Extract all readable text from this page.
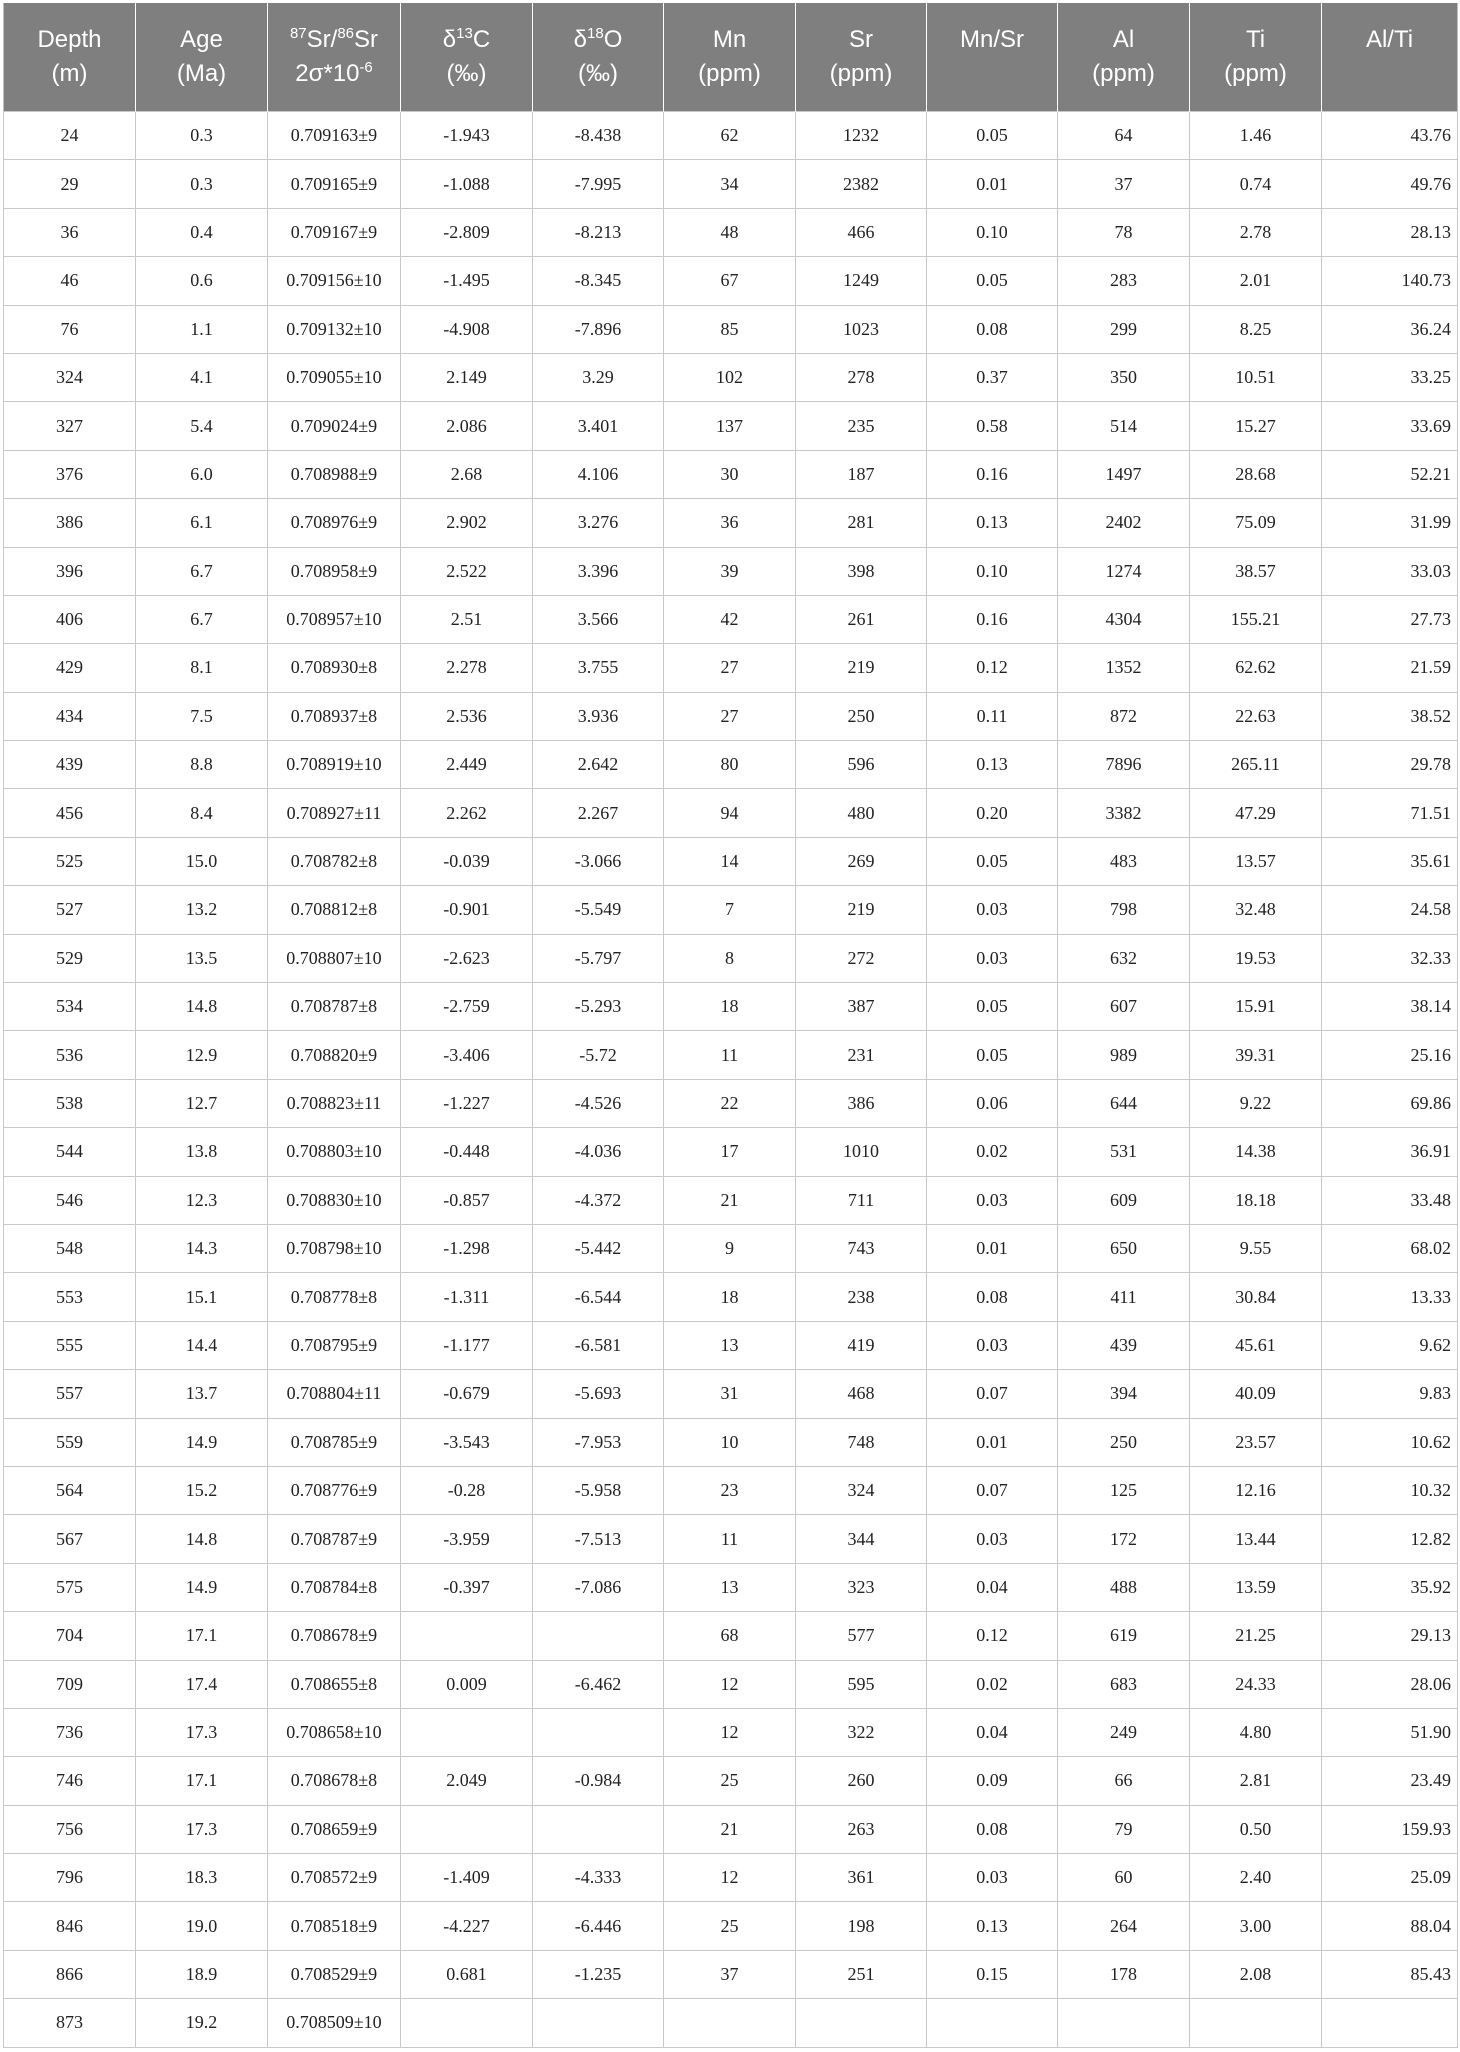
Depth	Age	$^{87}$Sr/$^{86}$Sr	$\delta^{13}C$	$\delta^{18}O$	Mn	Sr	Mn/Sr	Al	Ti	Al/Ti
(m)	(Ma)	$2\sigma*10^{-6}$	(‰)	(‰)	(ppm)	(ppm)		(ppm)	(ppm)	
24	0.3	0.709163±9	-1.943	-8.438	62	1232	0.05	64	1.46	43.76
29	0.3	0.709165±9	-1.088	-7.995	34	2382	0.01	37	0.74	49.76
36	0.4	0.709167±9	-2.809	-8.213	48	466	0.10	78	2.78	28.13
46	0.6	0.709156±10	-1.495	-8.345	67	1249	0.05	283	2.01	140.73
76	1.1	0.709132±10	-4.908	-7.896	85	1023	0.08	299	8.25	36.24
324	4.1	0.709055±10	2.149	3.29	102	278	0.37	350	10.51	33.25
327	5.4	0.709024±9	2.086	3.401	137	235	0.58	514	15.27	33.69
376	6.0	0.708988±9	2.68	4.106	30	187	0.16	1497	28.68	52.21
386	6.1	0.708976±9	2.902	3.276	36	281	0.13	2402	75.09	31.99
396	6.7	0.708958±9	2.522	3.396	39	398	0.10	1274	38.57	33.03
406	6.7	0.708957±10	2.51	3.566	42	261	0.16	4304	155.21	27.73
429	8.1	0.708930±8	2.278	3.755	27	219	0.12	1352	62.62	21.59
434	7.5	0.708937±8	2.536	3.936	27	250	0.11	872	22.63	38.52
439	8.8	0.708919±10	2.449	2.642	80	596	0.13	7896	265.11	29.78
456	8.4	0.708927±11	2.262	2.267	94	480	0.20	3382	47.29	71.51
525	15.0	0.708782±8	-0.039	-3.066	14	269	0.05	483	13.57	35.61
527	13.2	0.708812±8	-0.901	-5.549	7	219	0.03	798	32.48	24.58
529	13.5	0.708807±10	-2.623	-5.797	8	272	0.03	632	19.53	32.33
534	14.8	0.708787±8	-2.759	-5.293	18	387	0.05	607	15.91	38.14
536	12.9	0.708820±9	-3.406	-5.72	11	231	0.05	989	39.31	25.16
538	12.7	0.708823±11	-1.227	-4.526	22	386	0.06	644	9.22	69.86
544	13.8	0.708803±10	-0.448	-4.036	17	1010	0.02	531	14.38	36.91
546	12.3	0.708830±10	-0.857	-4.372	21	711	0.03	609	18.18	33.48
548	14.3	0.708798±10	-1.298	-5.442	9	743	0.01	650	9.55	68.02
553	15.1	0.708778±8	-1.311	-6.544	18	238	0.08	411	30.84	13.33
555	14.4	0.708795±9	-1.177	-6.581	13	419	0.03	439	45.61	9.62
557	13.7	0.708804±11	-0.679	-5.693	31	468	0.07	394	40.09	9.83
559	14.9	0.708785±9	-3.543	-7.953	10	748	0.01	250	23.57	10.62
564	15.2	0.708776±9	-0.28	-5.958	23	324	0.07	125	12.16	10.32
567	14.8	0.708787±9	-3.959	-7.513	11	344	0.03	172	13.44	12.82
575	14.9	0.708784±8	-0.397	-7.086	13	323	0.04	488	13.59	35.92
704	17.1	0.708678±9			68	577	0.12	619	21.25	29.13
709	17.4	0.708655±8	0.009	-6.462	12	595	0.02	683	24.33	28.06
736	17.3	0.708658±10			12	322	0.04	249	4.80	51.90
746	17.1	0.708678±8	2.049	-0.984	25	260	0.09	66	2.81	23.49
756	17.3	0.708659±9			21	263	0.08	79	0.50	159.93
796	18.3	0.708572±9	-1.409	-4.333	12	361	0.03	60	2.40	25.09
846	19.0	0.708518±9	-4.227	-6.446	25	198	0.13	264	3.00	88.04
866	18.9	0.708529±9	0.681	-1.235	37	251	0.15	178	2.08	85.43
873	19.2	0.708509±10								
